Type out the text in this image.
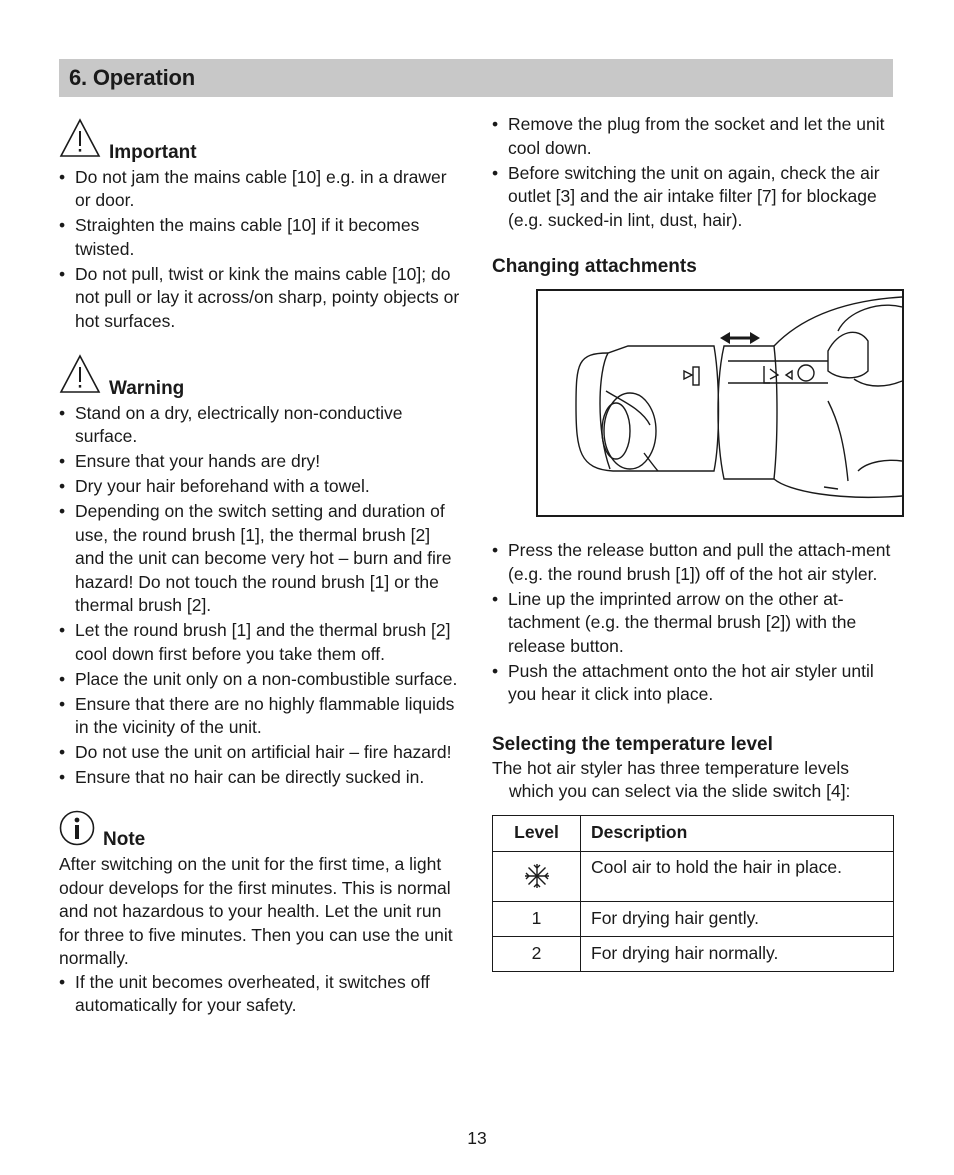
6. Operation
Important
• Do not jam the mains cable [10] e.g. in a drawer or door.
• Straighten the mains cable [10] if it becomes twisted.
• Do not pull, twist or kink the mains cable [10]; do not pull or lay it across/on sharp, pointy objects or hot surfaces.
Warning
• Stand on a dry, electrically non-conductive surface.
• Ensure that your hands are dry!
• Dry your hair beforehand with a towel.
• Depending on the switch setting and duration of use, the round brush [1], the thermal brush [2] and the unit can become very hot – burn and fire hazard! Do not touch the round brush [1] or the thermal brush [2].
• Let the round brush [1] and the thermal brush [2] cool down first before you take them off.
• Place the unit only on a non-combustible surface.
• Ensure that there are no highly flammable liquids in the vicinity of the unit.
• Do not use the unit on artificial hair – fire hazard!
• Ensure that no hair can be directly sucked in.
Note

After switching on the unit for the first time, a light odour develops for the first minutes. This is normal and not hazardous to your health. Let the unit run for three to five minutes. Then you can use the unit normally.

• If the unit becomes overheated, it switches off automatically for your safety.
• Remove the plug from the socket and let the unit cool down.
• Before switching the unit on again, check the air outlet [3] and the air intake filter [7] for blockage (e.g. sucked-in lint, dust, hair).
Changing attachments
• Press the release button and pull the attach-ment (e.g. the round brush [1]) off of the hot air styler.
• Line up the imprinted arrow on the other at-tachment (e.g. the thermal brush [2]) with the release button.
• Push the attachment onto the hot air styler until you hear it click into place.
Selecting the temperature level

The hot air styler has three temperature levels which you can select via the slide switch [4]:

Level	Description

	Cool air to hold the hair in place.
1	For drying hair gently.
2	For drying hair normally.
13
